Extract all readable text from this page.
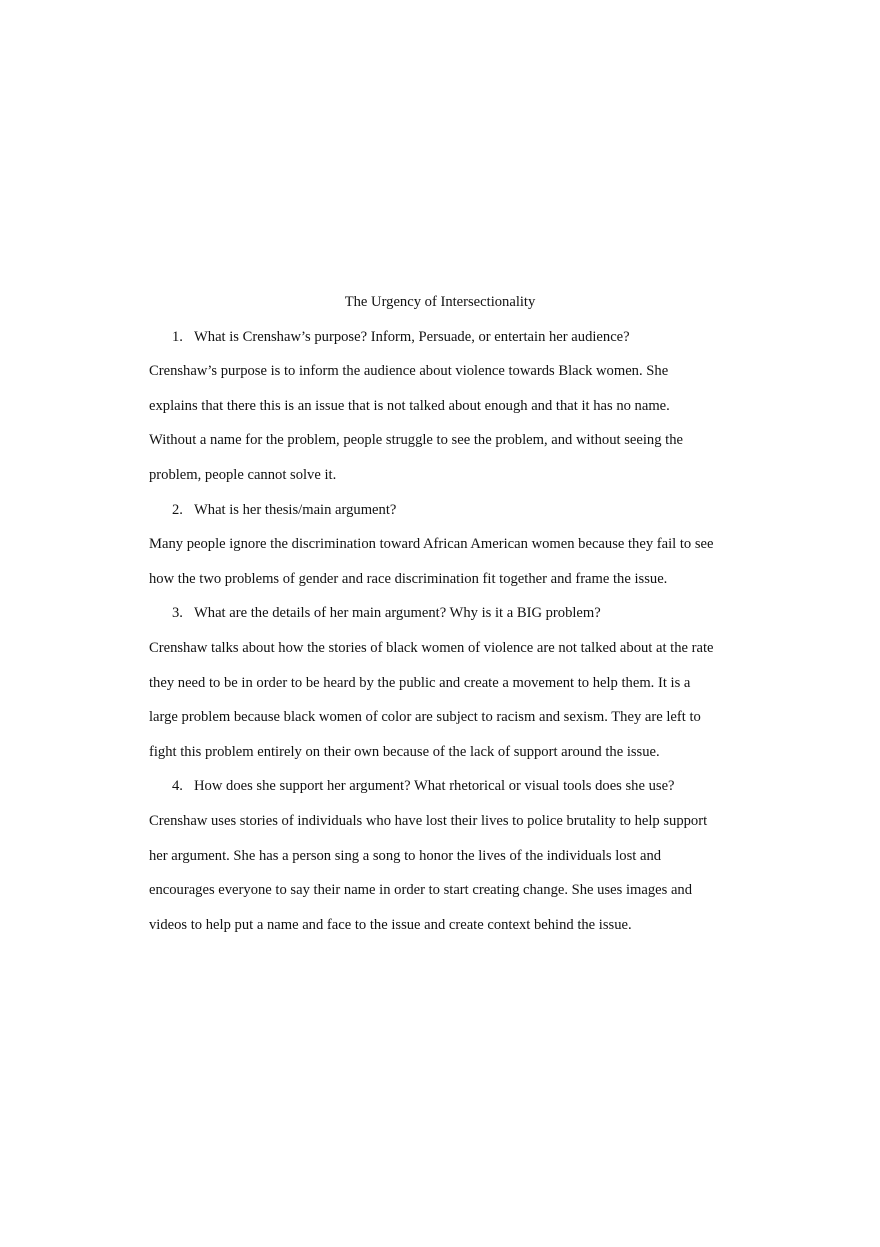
The Urgency of Intersectionality

1. What is Crenshaw’s purpose? Inform, Persuade, or entertain her audience?

Crenshaw’s purpose is to inform the audience about violence towards Black women. She
explains that there this is an issue that is not talked about enough and that it has no name.
Without a name for the problem, people struggle to see the problem, and without seeing the
problem, people cannot solve it.

2. What is her thesis/main argument?

Many people ignore the discrimination toward African American women because they fail to see
how the two problems of gender and race discrimination fit together and frame the issue.

3. What are the details of her main argument? Why is it a BIG problem?

Crenshaw talks about how the stories of black women of violence are not talked about at the rate
they need to be in order to be heard by the public and create a movement to help them. It is a
large problem because black women of color are subject to racism and sexism. They are left to
fight this problem entirely on their own because of the lack of support around the issue.

4. How does she support her argument? What rhetorical or visual tools does she use?

Crenshaw uses stories of individuals who have lost their lives to police brutality to help support
her argument. She has a person sing a song to honor the lives of the individuals lost and
encourages everyone to say their name in order to start creating change. She uses images and
videos to help put a name and face to the issue and create context behind the issue.
